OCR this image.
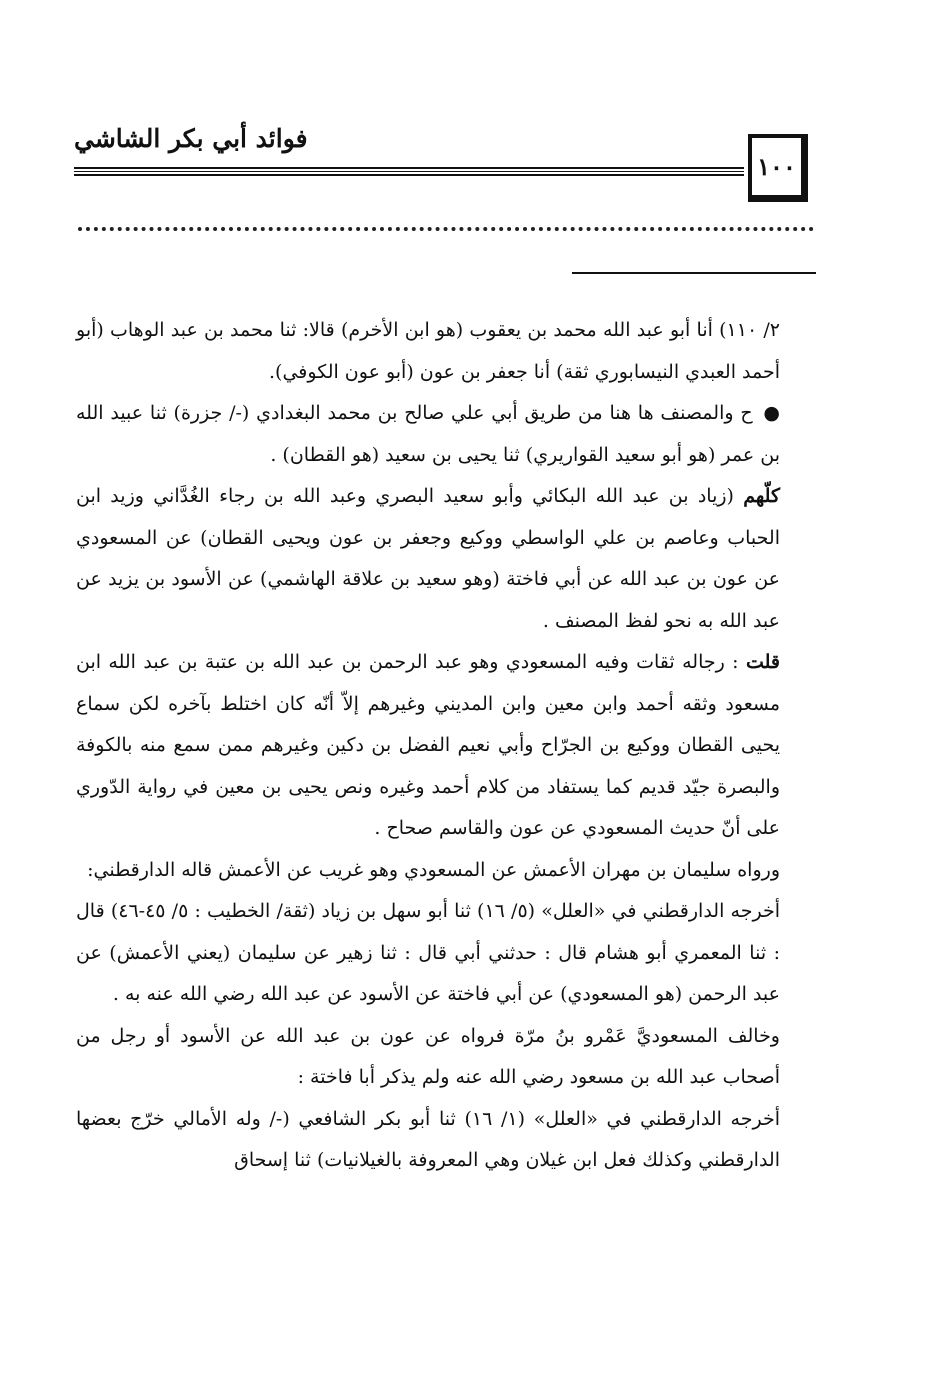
فوائد أبي بكر الشاشي
١٠٠

٢/ ١١٠) أنا أبو عبد الله محمد بن يعقوب (هو ابن الأخرم) قالا: ثنا محمد بن عبد الوهاب (أبو أحمد العبدي النيسابوري ثقة) أنا جعفر بن عون (أبو عون الكوفي).

● ح والمصنف ها هنا من طريق أبي علي صالح بن محمد البغدادي (-/ جزرة) ثنا عبيد الله بن عمر (هو أبو سعيد القواريري) ثنا يحيى بن سعيد (هو القطان) .

كلّهم (زياد بن عبد الله البكائي وأبو سعيد البصري وعبد الله بن رجاء الغُدَّاني وزيد ابن الحباب وعاصم بن علي الواسطي ووكيع وجعفر بن عون ويحيى القطان) عن المسعودي عن عون بن عبد الله عن أبي فاختة (وهو سعيد بن علاقة الهاشمي) عن الأسود بن يزيد عن عبد الله به نحو لفظ المصنف .

قلت : رجاله ثقات وفيه المسعودي وهو عبد الرحمن بن عبد الله بن عتبة بن عبد الله ابن مسعود وثقه أحمد وابن معين وابن المديني وغيرهم إلاّ أنّه كان اختلط بآخره لكن سماع يحيى القطان ووكيع بن الجرّاح وأبي نعيم الفضل بن دكين وغيرهم ممن سمع منه بالكوفة والبصرة جيّد قديم كما يستفاد من كلام أحمد وغيره ونص يحيى بن معين في رواية الدّوري على أنّ حديث المسعودي عن عون والقاسم صحاح .

ورواه سليمان بن مهران الأعمش عن المسعودي وهو غريب عن الأعمش قاله الدارقطني:

أخرجه الدارقطني في «العلل» (٥/ ١٦) ثنا أبو سهل بن زياد (ثقة/ الخطيب : ٥/ ٤٥-٤٦) قال : ثنا المعمري أبو هشام قال : حدثني أبي قال : ثنا زهير عن سليمان (يعني الأعمش) عن عبد الرحمن (هو المسعودي) عن أبي فاختة عن الأسود عن عبد الله رضي الله عنه به .

وخالف المسعوديَّ عَمْرو بنُ مرّة فرواه عن عون بن عبد الله عن الأسود أو رجل من أصحاب عبد الله بن مسعود رضي الله عنه ولم يذكر أبا فاختة :

أخرجه الدارقطني في «العلل» (١/ ١٦) ثنا أبو بكر الشافعي (-/ وله الأمالي خرّج بعضها الدارقطني وكذلك فعل ابن غيلان وهي المعروفة بالغيلانيات) ثنا إسحاق
